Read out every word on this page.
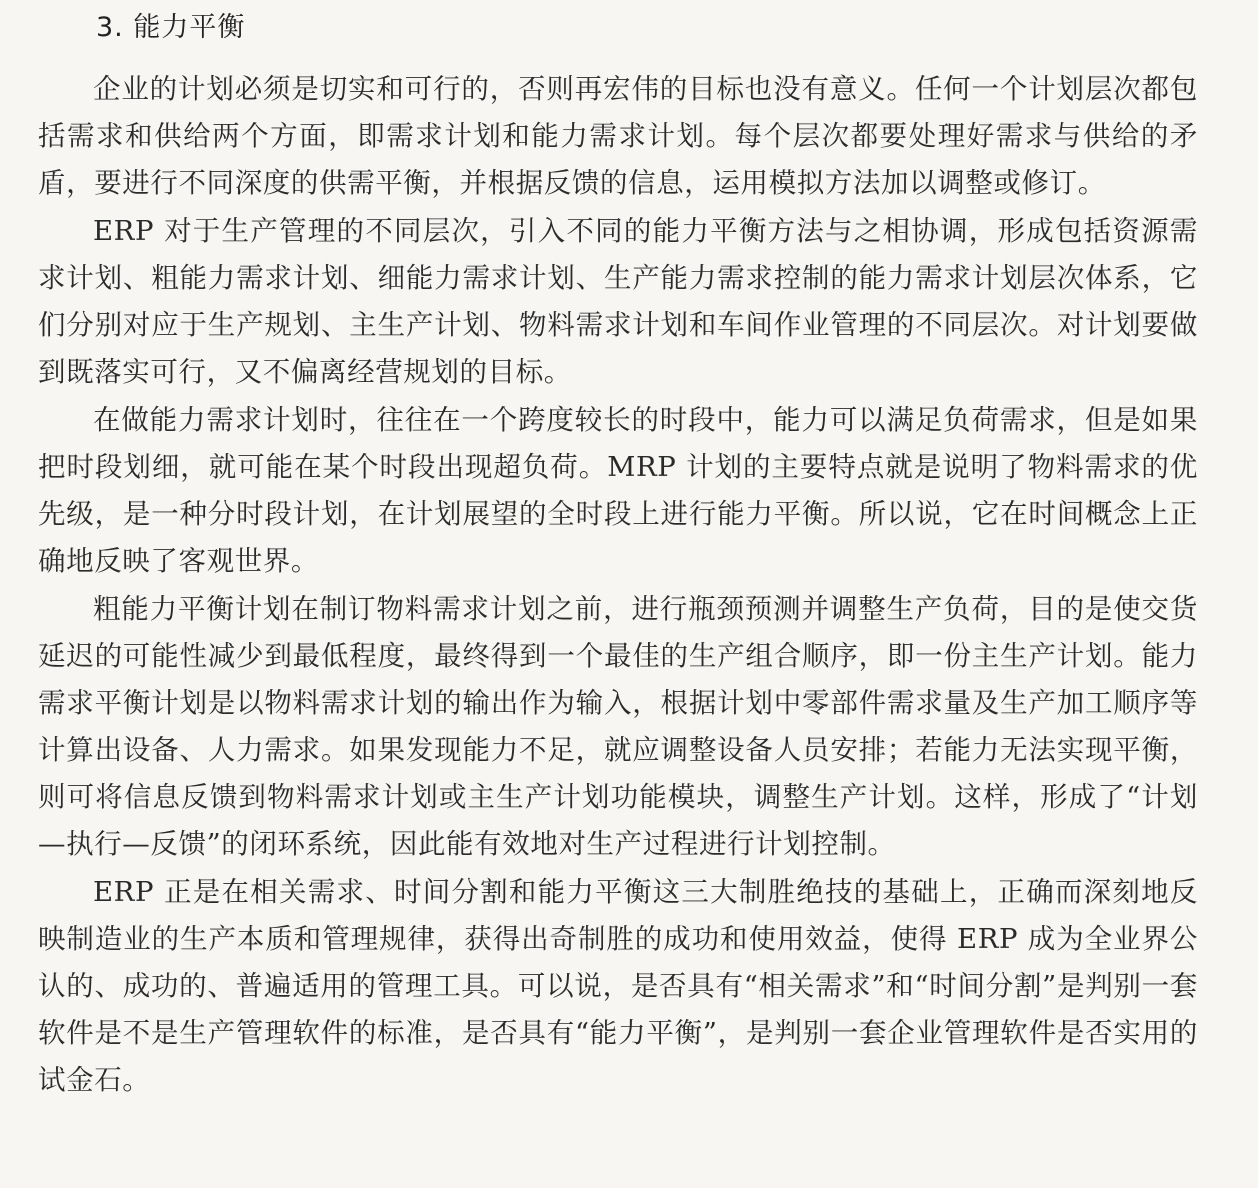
3. 能力平衡

企业的计划必须是切实和可行的，否则再宏伟的目标也没有意义。任何一个计划层次都包括需求和供给两个方面，即需求计划和能力需求计划。每个层次都要处理好需求与供给的矛盾，要进行不同深度的供需平衡，并根据反馈的信息，运用模拟方法加以调整或修订。

ERP 对于生产管理的不同层次，引入不同的能力平衡方法与之相协调，形成包括资源需求计划、粗能力需求计划、细能力需求计划、生产能力需求控制的能力需求计划层次体系，它们分别对应于生产规划、主生产计划、物料需求计划和车间作业管理的不同层次。对计划要做到既落实可行，又不偏离经营规划的目标。

在做能力需求计划时，往往在一个跨度较长的时段中，能力可以满足负荷需求，但是如果把时段划细，就可能在某个时段出现超负荷。MRP 计划的主要特点就是说明了物料需求的优先级，是一种分时段计划，在计划展望的全时段上进行能力平衡。所以说，它在时间概念上正确地反映了客观世界。

粗能力平衡计划在制订物料需求计划之前，进行瓶颈预测并调整生产负荷，目的是使交货延迟的可能性减少到最低程度，最终得到一个最佳的生产组合顺序，即一份主生产计划。能力需求平衡计划是以物料需求计划的输出作为输入，根据计划中零部件需求量及生产加工顺序等计算出设备、人力需求。如果发现能力不足，就应调整设备人员安排；若能力无法实现平衡，则可将信息反馈到物料需求计划或主生产计划功能模块，调整生产计划。这样，形成了“计划—执行—反馈”的闭环系统，因此能有效地对生产过程进行计划控制。

ERP 正是在相关需求、时间分割和能力平衡这三大制胜绝技的基础上，正确而深刻地反映制造业的生产本质和管理规律，获得出奇制胜的成功和使用效益，使得 ERP 成为全业界公认的、成功的、普遍适用的管理工具。可以说，是否具有“相关需求”和“时间分割”是判别一套软件是不是生产管理软件的标准，是否具有“能力平衡”，是判别一套企业管理软件是否实用的试金石。
